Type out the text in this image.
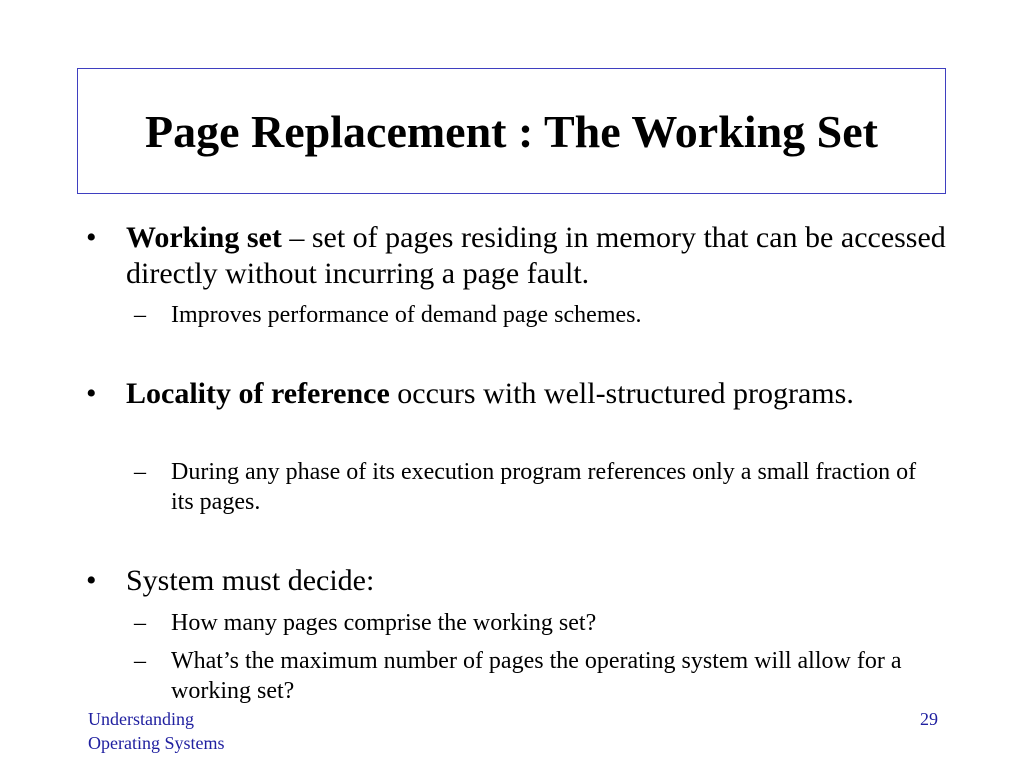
Page Replacement : The Working Set
• Working set – set of pages residing in memory that can be accessed directly without incurring a page fault.
– Improves performance of demand page schemes.
• Locality of reference occurs with well-structured programs.
– During any phase of its execution program references only a small fraction of its pages.
• System must decide:
– How many pages comprise the working set?
– What’s the maximum number of pages the operating system will allow for a working set?
Understanding
Operating Systems
29
